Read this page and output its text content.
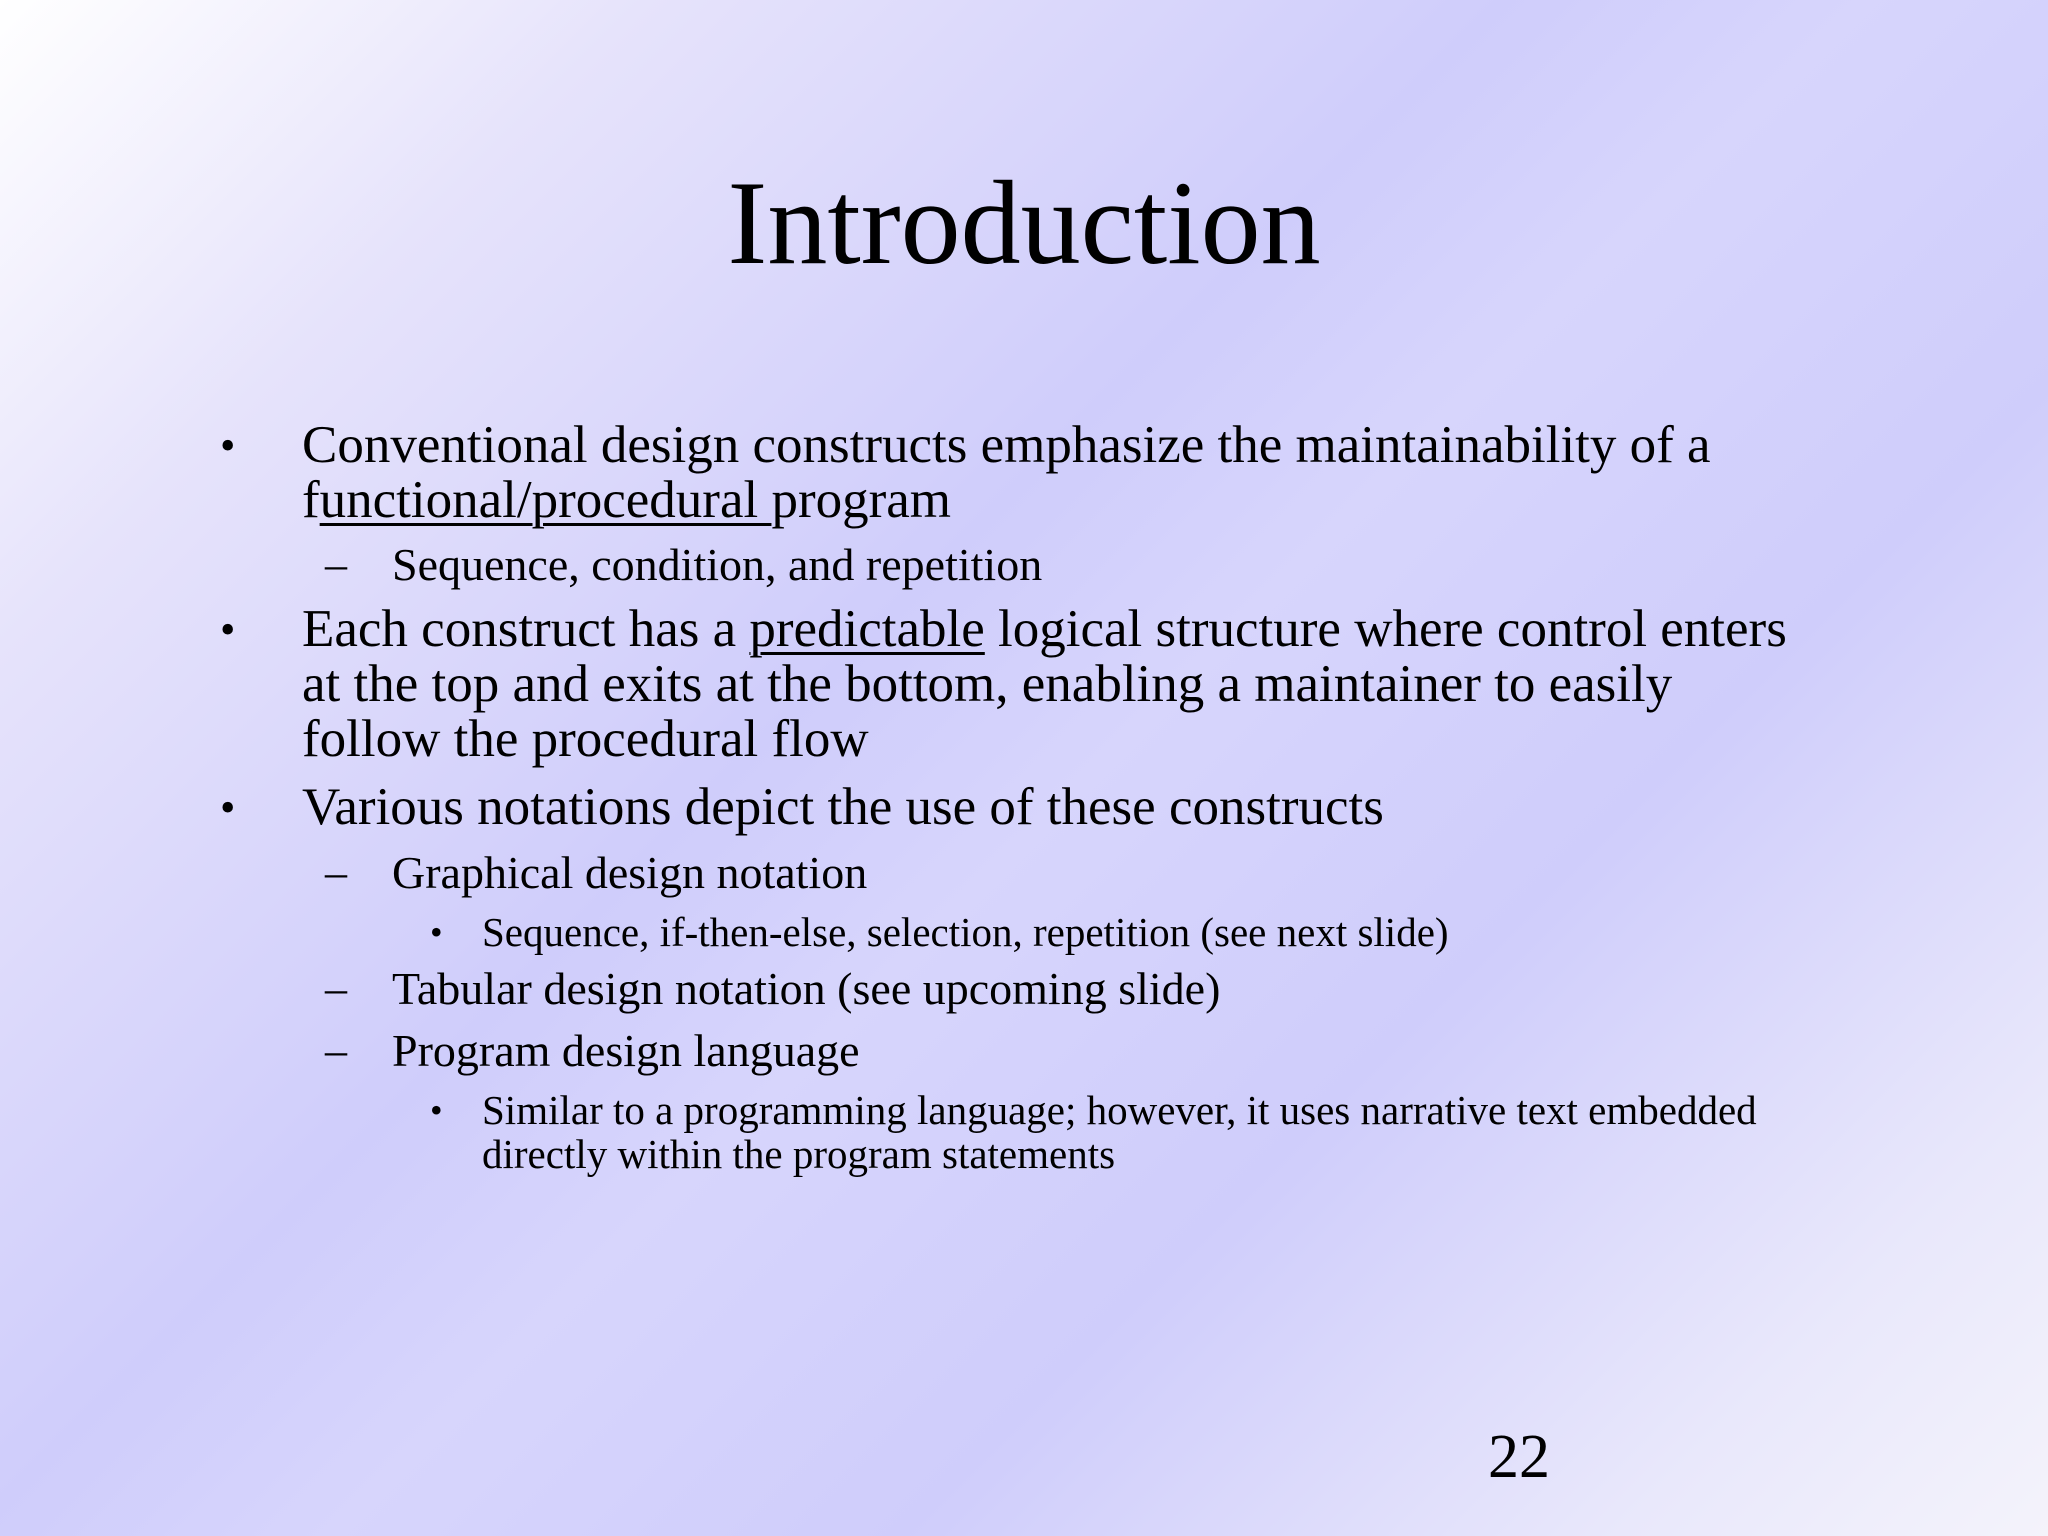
Introduction
• Conventional design constructs emphasize the maintainability of a
functional/procedural program
– Sequence, condition, and repetition
• Each construct has a predictable logical structure where control enters
at the top and exits at the bottom, enabling a maintainer to easily
follow the procedural flow
• Various notations depict the use of these constructs
– Graphical design notation
• Sequence, if-then-else, selection, repetition (see next slide)
– Tabular design notation (see upcoming slide)
– Program design language
• Similar to a programming language; however, it uses narrative text embedded
directly within the program statements
22
